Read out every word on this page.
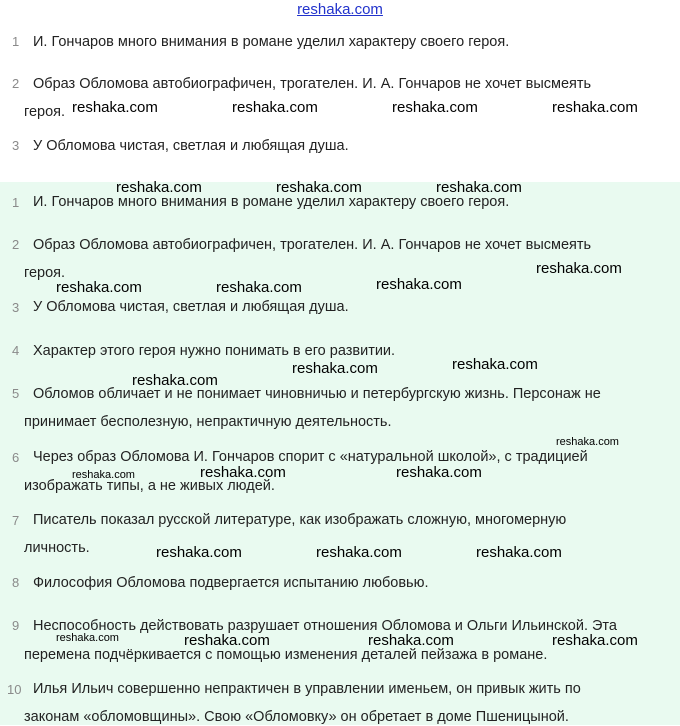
reshaka.com
1 И. Гончаров много внимания в романе уделил характеру своего героя.
2 Образ Обломова автобиографичен, трогателен. И. А. Гончаров не хочет высмеять
героя.
3 У Обломова чистая, светлая и любящая душа.
1 И. Гончаров много внимания в романе уделил характеру своего героя.
2 Образ Обломова автобиографичен, трогателен. И. А. Гончаров не хочет высмеять
героя.
3 У Обломова чистая, светлая и любящая душа.
4 Характер этого героя нужно понимать в его развитии.
5 Обломов обличает и не понимает чиновничью и петербургскую жизнь. Персонаж не
принимает бесполезную, непрактичную деятельность.
6 Через образ Обломова И. Гончаров спорит с «натуральной школой», с традицией
изображать типы, а не живых людей.
7 Писатель показал русской литературе, как изображать сложную, многомерную
личность.
8 Философия Обломова подвергается испытанию любовью.
9 Неспособность действовать разрушает отношения Обломова и Ольги Ильинской. Эта
перемена подчёркивается с помощью изменения деталей пейзажа в романе.
10 Илья Ильич совершенно непрактичен в управлении именьем, он привык жить по
законам «обломовщины». Свою «Обломовку» он обретает в доме Пшеницыной.
reshaka.com	reshaka.com	reshaka.com	reshaka.com
reshaka.com	reshaka.com	reshaka.com
reshaka.com
reshaka.com
reshaka.com	reshaka.com
reshaka.com
reshaka.com
reshaka.com
reshaka.com
reshaka.com	reshaka.com
reshaka.com
reshaka.com	reshaka.com	reshaka.com
reshaka.com	reshaka.com	reshaka.com	reshaka.com
